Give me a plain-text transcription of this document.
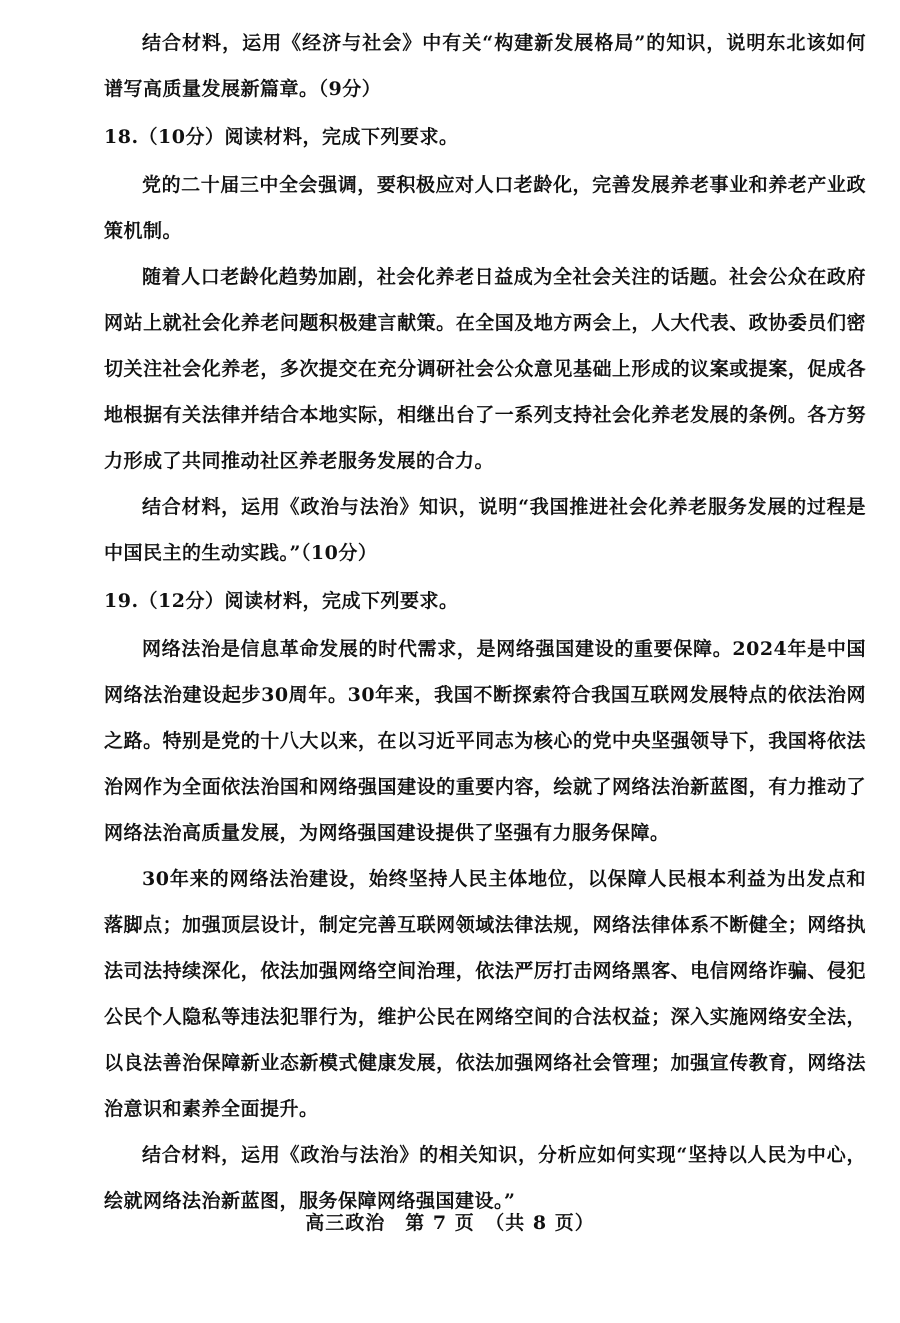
结合材料，运用《经济与社会》中有关“构建新发展格局”的知识，说明东北该如何谱写高质量发展新篇章。（9分）

18.（10分）阅读材料，完成下列要求。

党的二十届三中全会强调，要积极应对人口老龄化，完善发展养老事业和养老产业政策机制。

随着人口老龄化趋势加剧，社会化养老日益成为全社会关注的话题。社会公众在政府网站上就社会化养老问题积极建言献策。在全国及地方两会上，人大代表、政协委员们密切关注社会化养老，多次提交在充分调研社会公众意见基础上形成的议案或提案，促成各地根据有关法律并结合本地实际，相继出台了一系列支持社会化养老发展的条例。各方努力形成了共同推动社区养老服务发展的合力。

结合材料，运用《政治与法治》知识，说明“我国推进社会化养老服务发展的过程是中国民主的生动实践。”（10分）

19.（12分）阅读材料，完成下列要求。

网络法治是信息革命发展的时代需求，是网络强国建设的重要保障。2024年是中国网络法治建设起步30周年。30年来，我国不断探索符合我国互联网发展特点的依法治网之路。特别是党的十八大以来，在以习近平同志为核心的党中央坚强领导下，我国将依法治网作为全面依法治国和网络强国建设的重要内容，绘就了网络法治新蓝图，有力推动了网络法治高质量发展，为网络强国建设提供了坚强有力服务保障。

30年来的网络法治建设，始终坚持人民主体地位，以保障人民根本利益为出发点和落脚点；加强顶层设计，制定完善互联网领域法律法规，网络法律体系不断健全；网络执法司法持续深化，依法加强网络空间治理，依法严厉打击网络黑客、电信网络诈骗、侵犯公民个人隐私等违法犯罪行为，维护公民在网络空间的合法权益；深入实施网络安全法，以良法善治保障新业态新模式健康发展，依法加强网络社会管理；加强宣传教育，网络法治意识和素养全面提升。

结合材料，运用《政治与法治》的相关知识，分析应如何实现“坚持以人民为中心，绘就网络法治新蓝图，服务保障网络强国建设。”

高三政治　第 7 页　（共 8 页）
